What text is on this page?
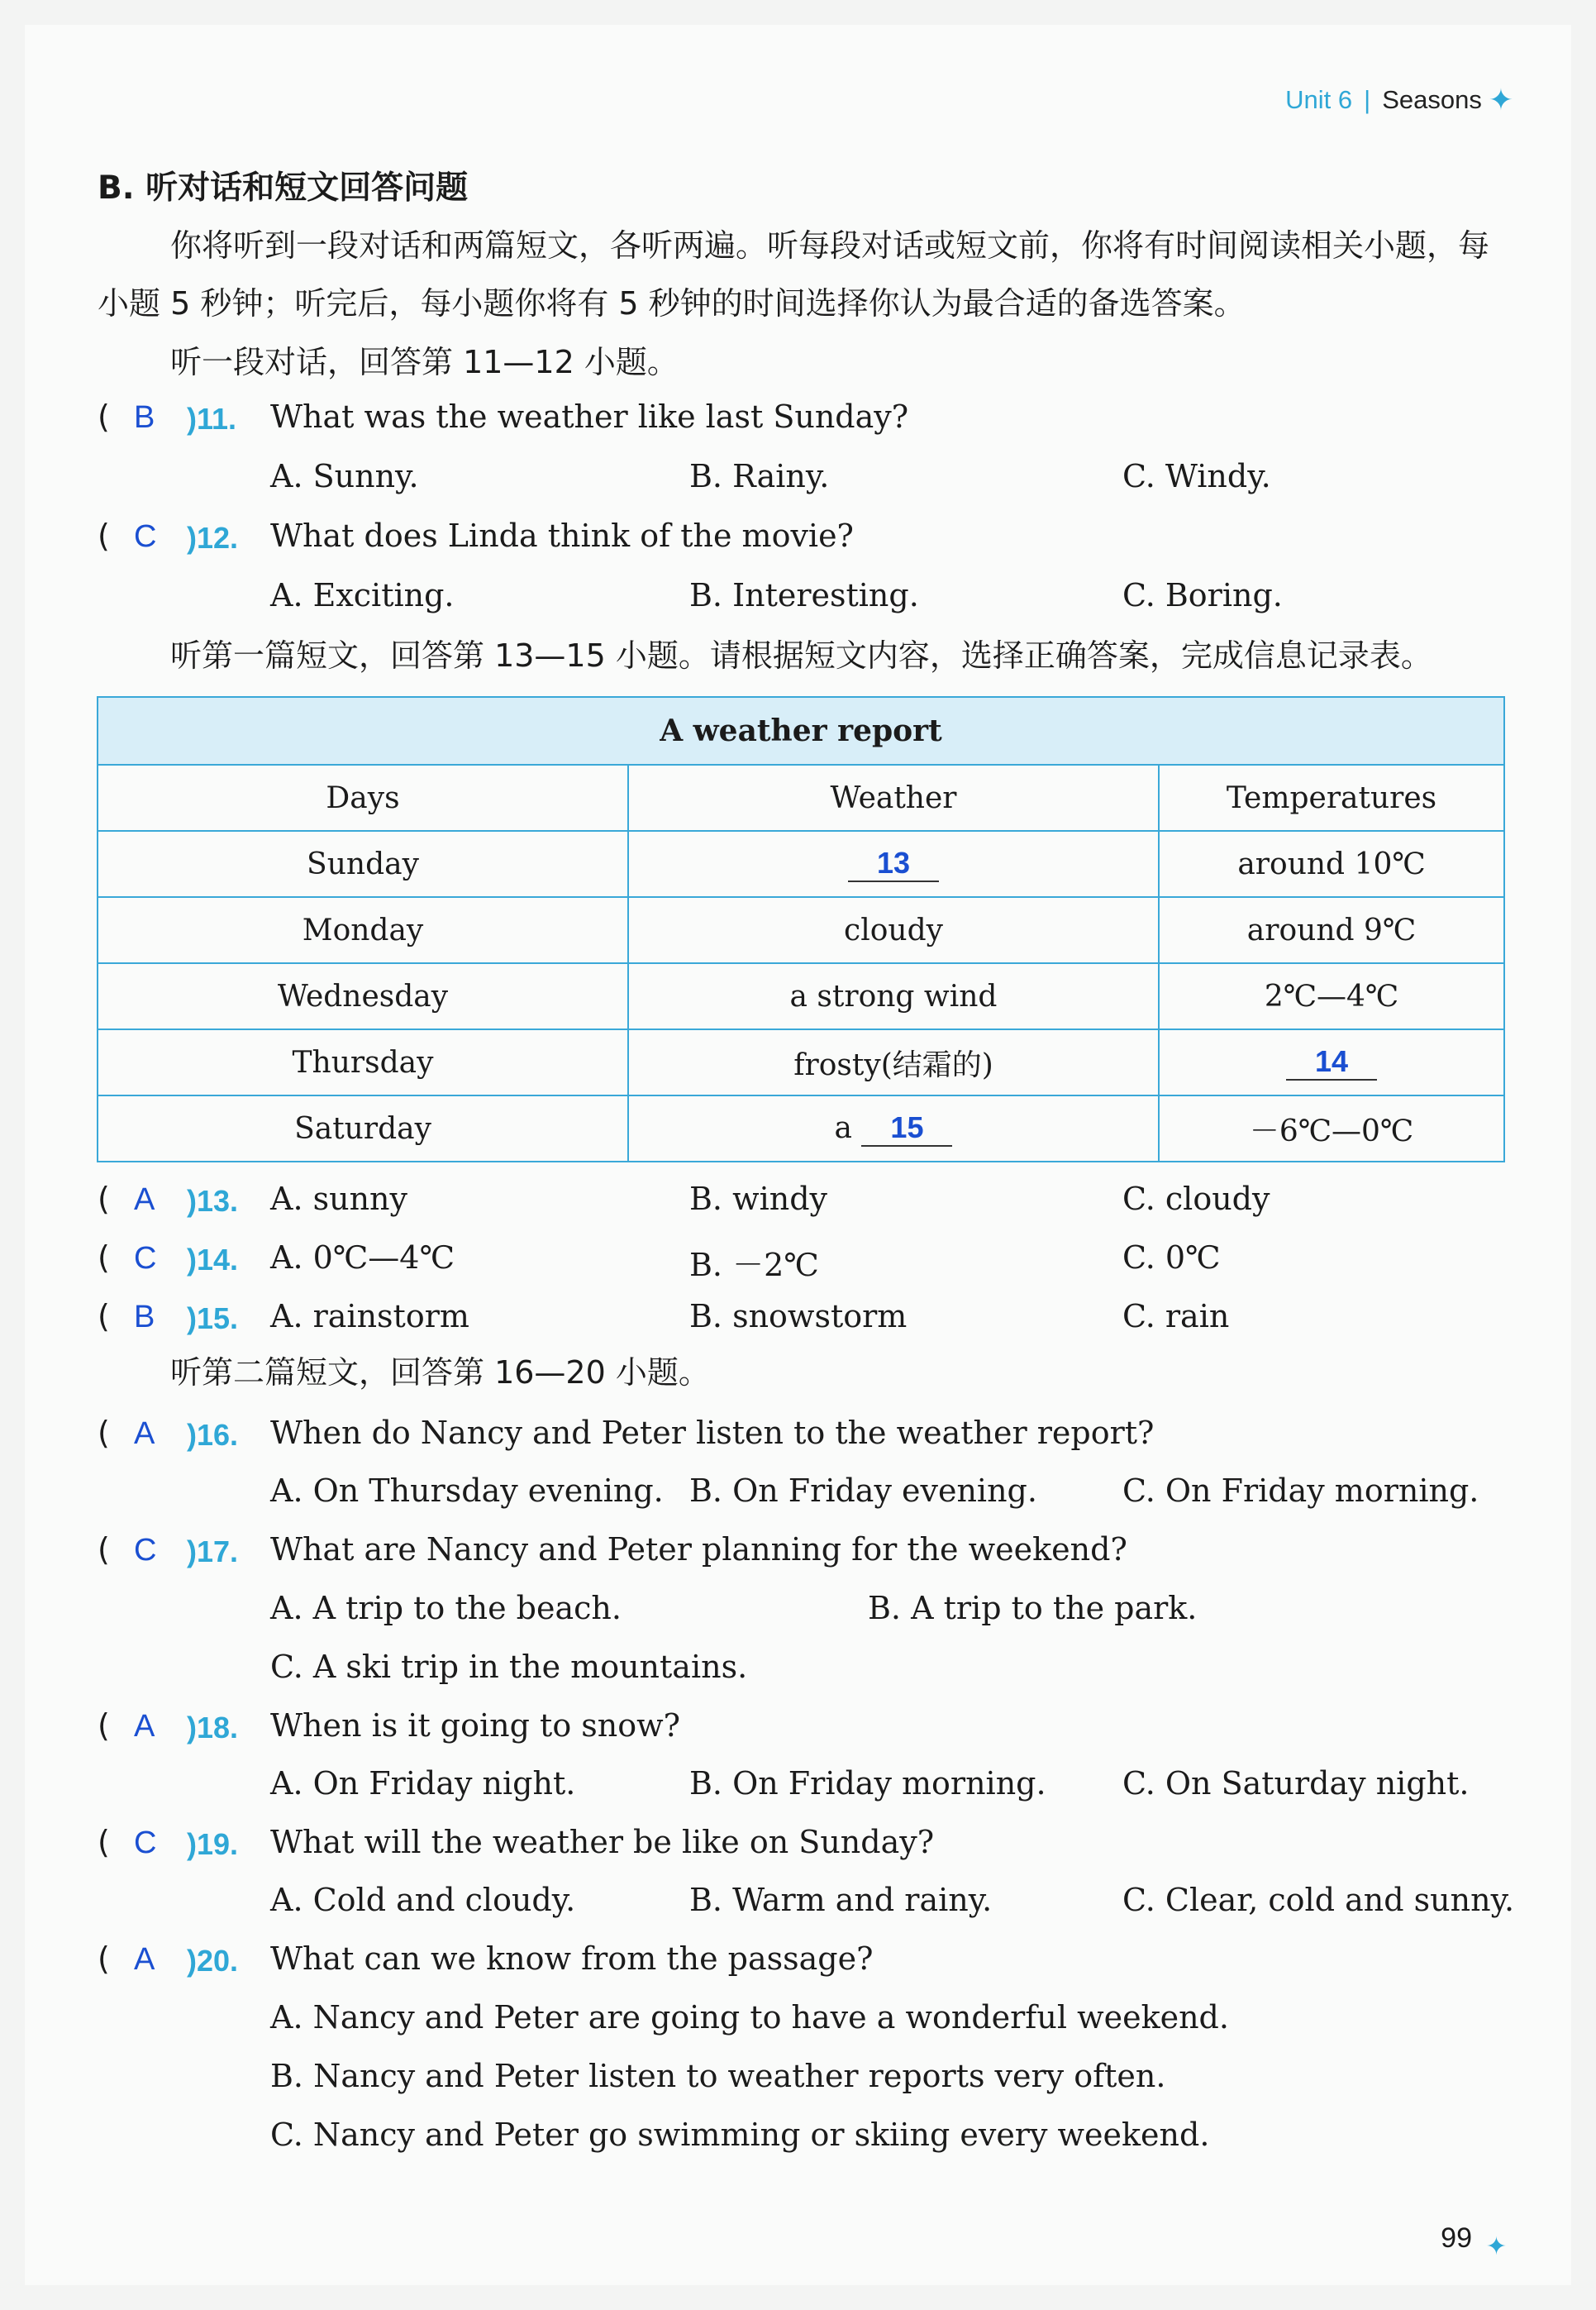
Unit 6 | Seasons ✦
B. 听对话和短文回答问题
你将听到一段对话和两篇短文，各听两遍。听每段对话或短文前，你将有时间阅读相关小题，每小题 5 秒钟；听完后，每小题你将有 5 秒钟的时间选择你认为最合适的备选答案。
听一段对话，回答第 11—12 小题。
( B )11. What was the weather like last Sunday?
A. Sunny.	B. Rainy.	C. Windy.
( C )12. What does Linda think of the movie?
A. Exciting.	B. Interesting.	C. Boring.
听第一篇短文，回答第 13—15 小题。请根据短文内容，选择正确答案，完成信息记录表。
A weather report		
Days	Weather	Temperatures
Sunday	13	around 10℃
Monday	cloudy	around 9℃
Wednesday	a strong wind	2℃—4℃
Thursday	frosty(结霜的)	14
Saturday	a 15	－6℃—0℃
( A )13. A. sunny	B. windy	C. cloudy
( C )14. A. 0℃—4℃	B. －2℃	C. 0℃
( B )15. A. rainstorm	B. snowstorm	C. rain
听第二篇短文，回答第 16—20 小题。
( A )16. When do Nancy and Peter listen to the weather report?
A. On Thursday evening. B. On Friday evening.	C. On Friday morning.
( C )17. What are Nancy and Peter planning for the weekend?
A. A trip to the beach.	B. A trip to the park.
C. A ski trip in the mountains.
( A )18. When is it going to snow?
A. On Friday night.	B. On Friday morning. C. On Saturday night.
( C )19. What will the weather be like on Sunday?
A. Cold and cloudy.	B. Warm and rainy.	C. Clear, cold and sunny.
( A )20. What can we know from the passage?
A. Nancy and Peter are going to have a wonderful weekend.
B. Nancy and Peter listen to weather reports very often.
C. Nancy and Peter go swimming or skiing every weekend.
99 ✦
